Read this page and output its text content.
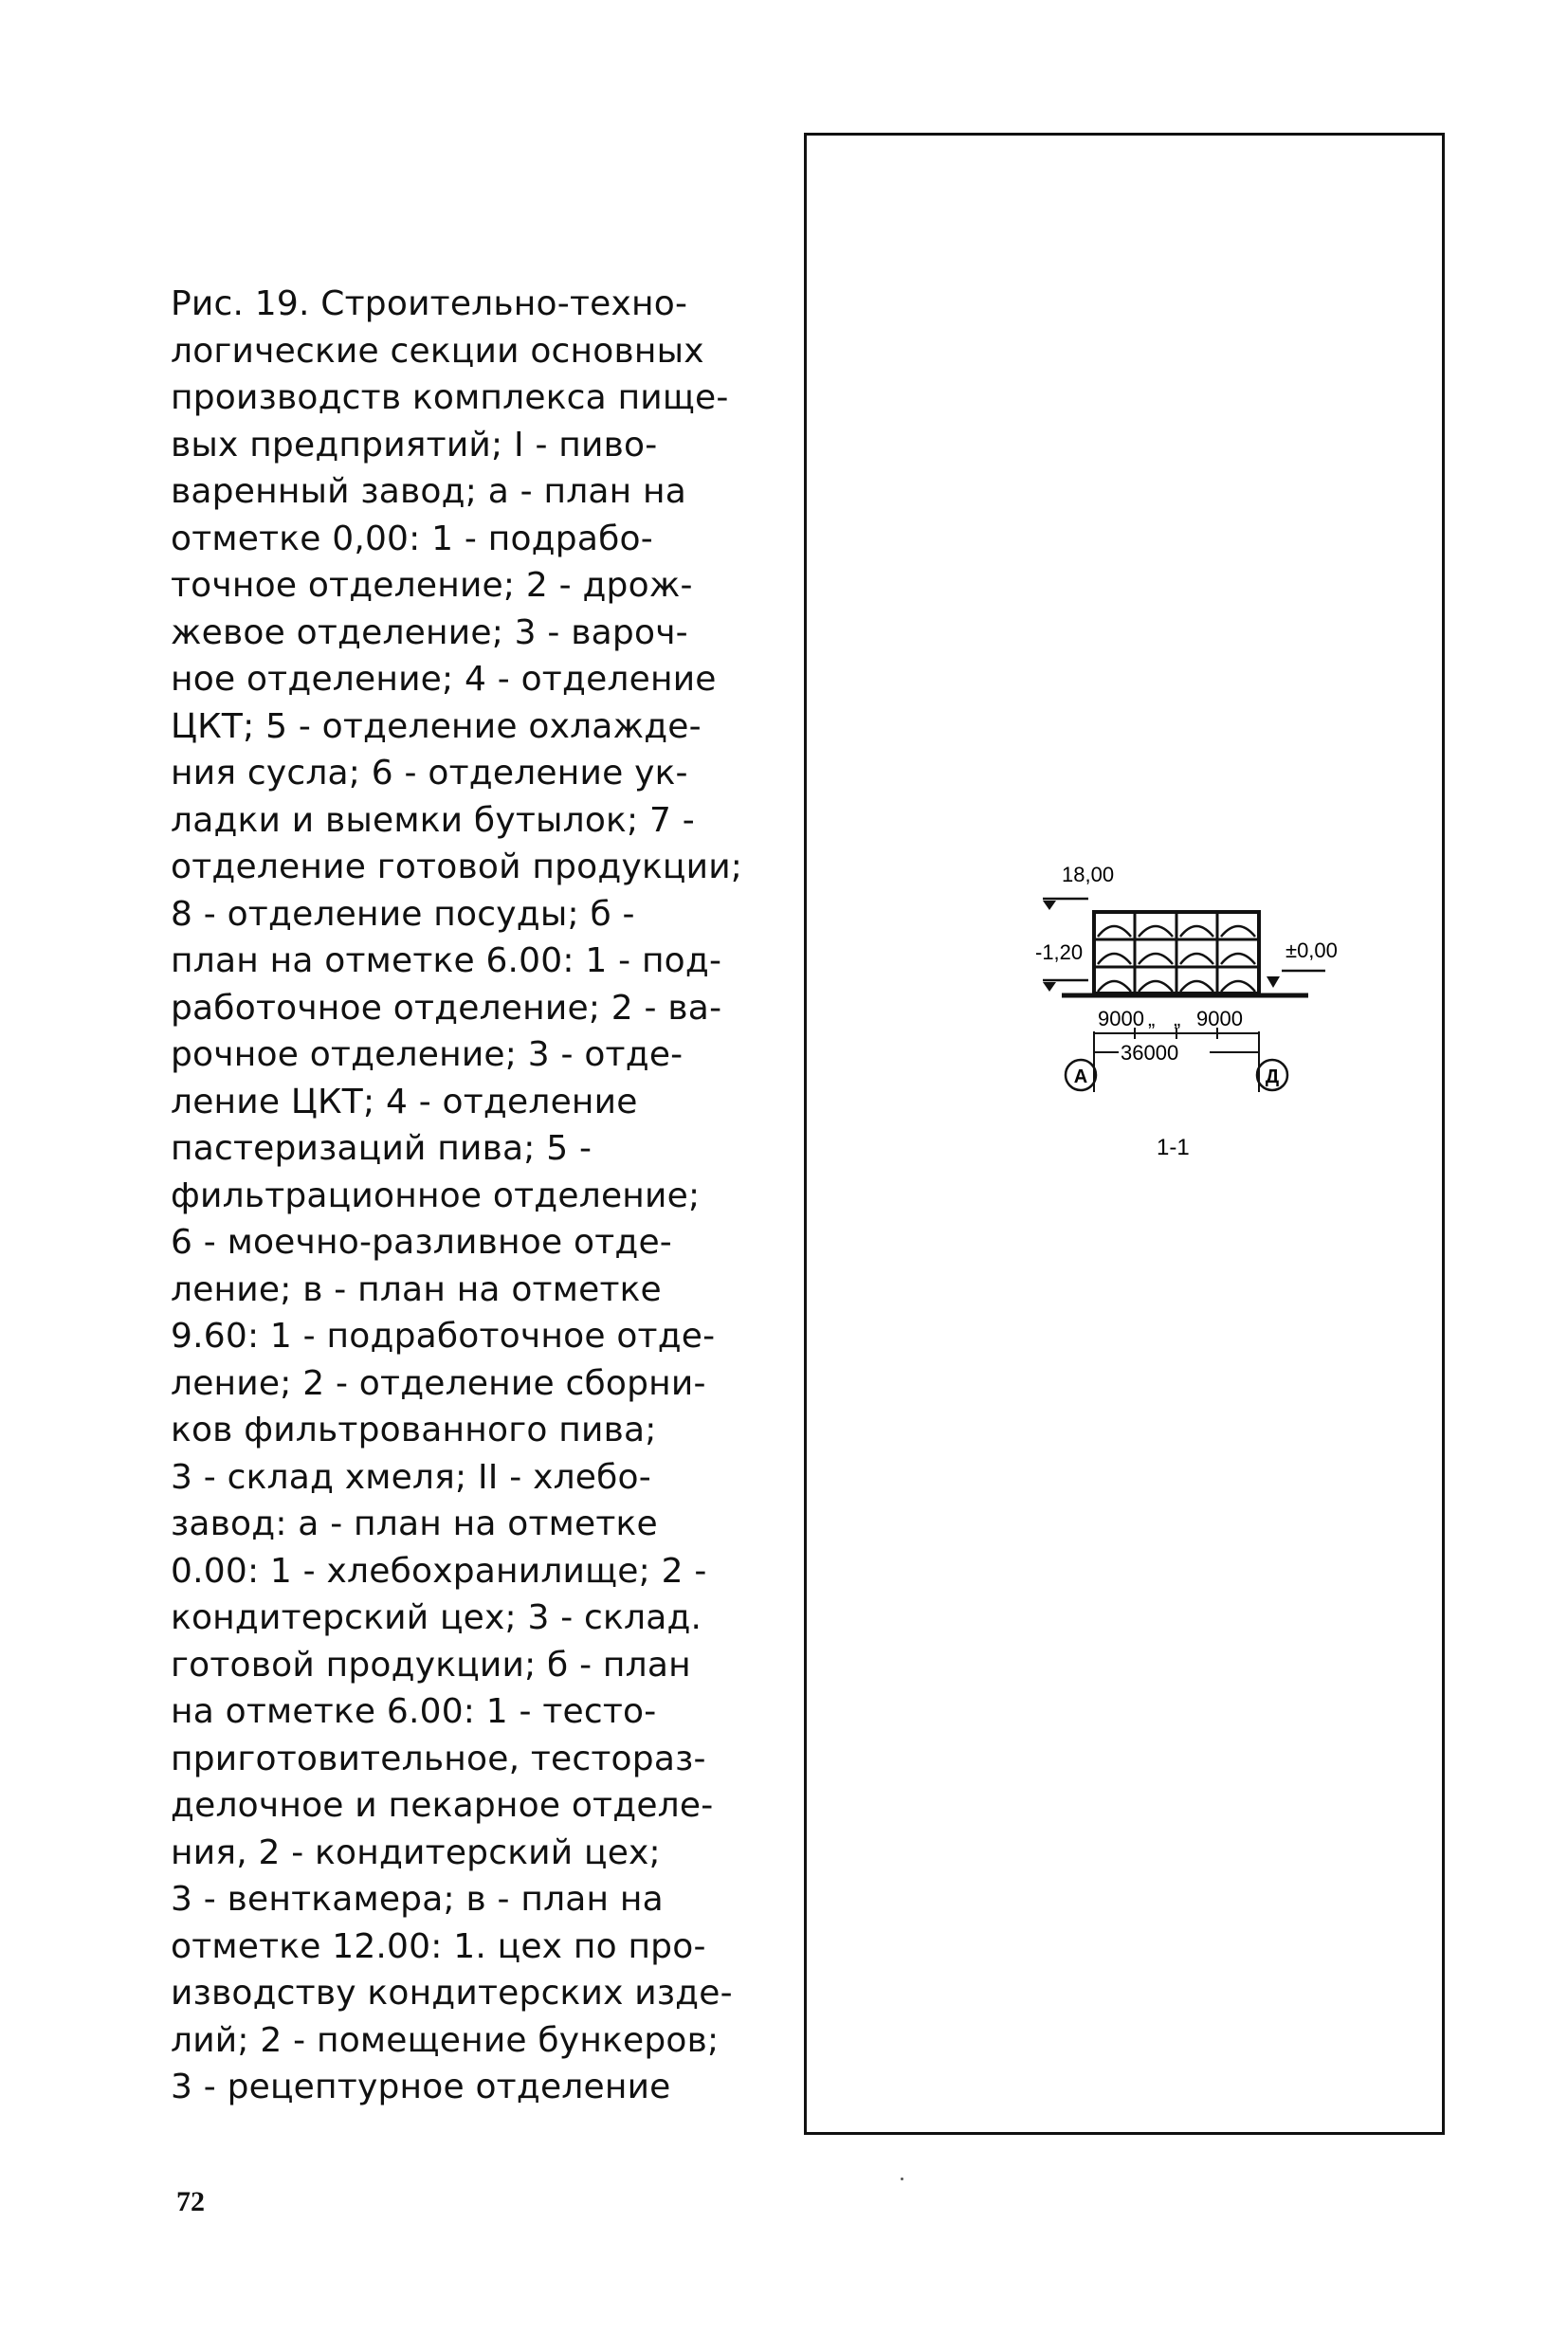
Рис. 19. Строительно-техно-
логические секции основных
производств комплекса пище-
вых предприятий; I - пиво-
варенный завод; а - план на
отметке 0,00: 1 - подрабо-
точное отделение; 2 - дрож-
жевое отделение; 3 - вароч-
ное отделение; 4 - отделение
ЦКТ; 5 - отделение охлажде-
ния сусла; 6 - отделение ук-
ладки и выемки бутылок; 7 -
отделение готовой продукции;
8 - отделение посуды; б -
план на отметке 6.00: 1 - под-
работочное отделение; 2 - ва-
рочное отделение; 3 - отде-
ление ЦКТ; 4 - отделение
пастеризаций пива; 5 -
фильтрационное отделение;
6 - моечно-разливное отде-
ление; в - план на отметке
9.60: 1 - подработочное отде-
ление; 2 - отделение сборни-
ков фильтрованного пива;
3 - склад хмеля; II - хлебо-
завод: а - план на отметке
0.00: 1 - хлебохранилище; 2 -
кондитерский цех; 3 - склад.
готовой продукции; б - план
на отметке 6.00: 1 - тесто-
приготовительное, тестораз-
делочное и пекарное отделе-
ния, 2 - кондитерский цех;
3 - венткамера; в - план на
отметке 12.00: 1. цех по про-
изводству кондитерских изде-
лий; 2 - помещение бункеров;
3 - рецептурное отделение
18,00
-1,20	±0,00
9000 „ „ 9000
36000
А	Д
1-1
72
